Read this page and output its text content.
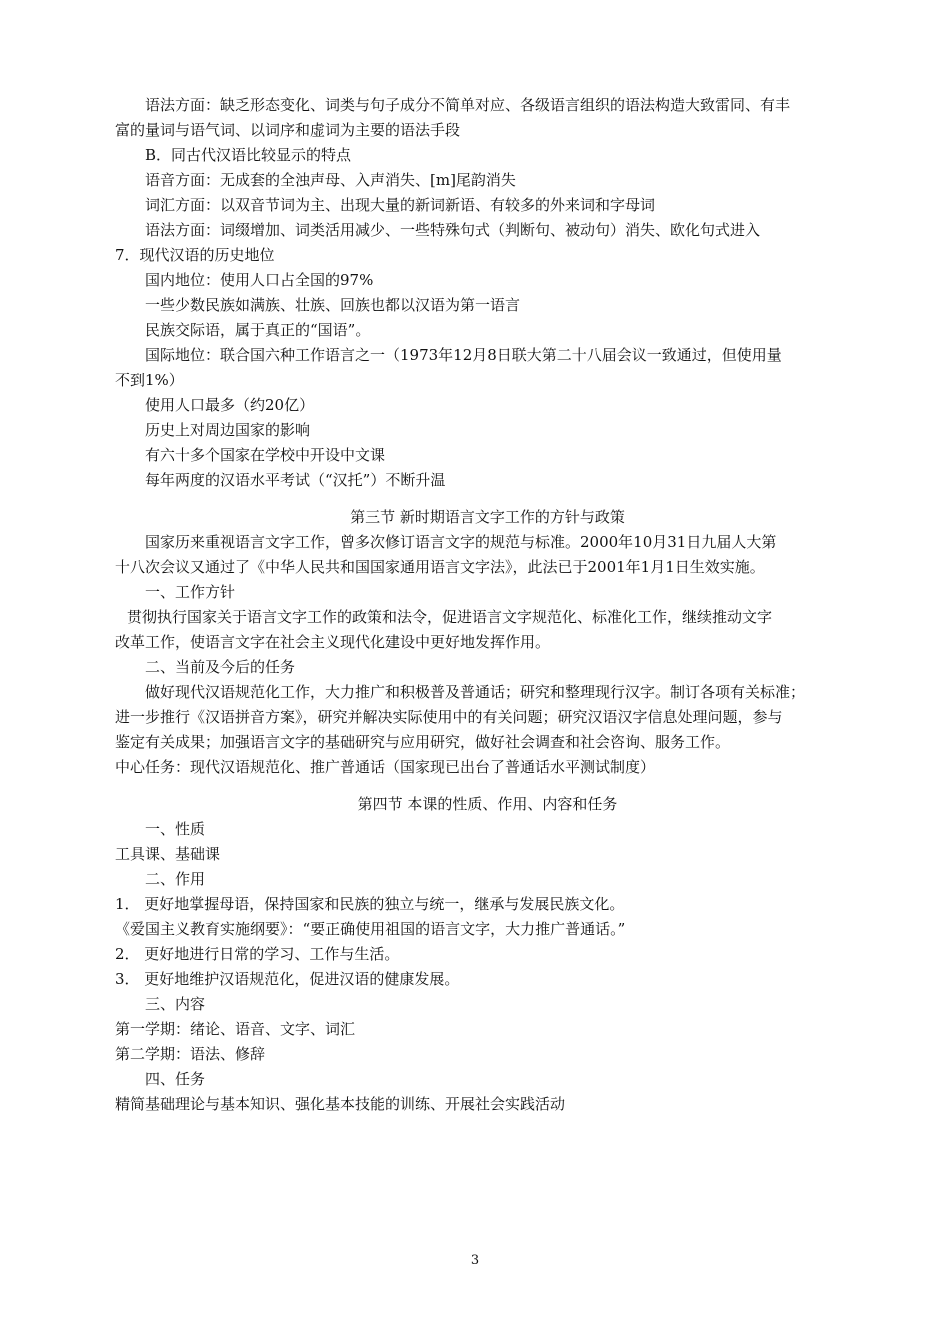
语法方面：缺乏形态变化、词类与句子成分不简单对应、各级语言组织的语法构造大致雷同、有丰
富的量词与语气词、以词序和虚词为主要的语法手段
B．同古代汉语比较显示的特点
语音方面：无成套的全浊声母、入声消失、[m]尾韵消失
词汇方面：以双音节词为主、出现大量的新词新语、有较多的外来词和字母词
语法方面：词缀增加、词类活用减少、一些特殊句式（判断句、被动句）消失、欧化句式进入
7．现代汉语的历史地位
国内地位：使用人口占全国的97%
一些少数民族如满族、壮族、回族也都以汉语为第一语言
民族交际语，属于真正的“国语”。
国际地位：联合国六种工作语言之一（1973年12月8日联大第二十八届会议一致通过，但使用量
不到1%）
使用人口最多（约20亿）
历史上对周边国家的影响
有六十多个国家在学校中开设中文课
每年两度的汉语水平考试（“汉托”）不断升温
第三节 新时期语言文字工作的方针与政策
国家历来重视语言文字工作，曾多次修订语言文字的规范与标准。2000年10月31日九届人大第
十八次会议又通过了《中华人民共和国国家通用语言文字法》，此法已于2001年1月1日生效实施。
一、工作方针
贯彻执行国家关于语言文字工作的政策和法令，促进语言文字规范化、标准化工作，继续推动文字
改革工作，使语言文字在社会主义现代化建设中更好地发挥作用。
二、当前及今后的任务
做好现代汉语规范化工作，大力推广和积极普及普通话；研究和整理现行汉字。制订各项有关标准；
进一步推行《汉语拼音方案》，研究并解决实际使用中的有关问题；研究汉语汉字信息处理问题，参与
鉴定有关成果；加强语言文字的基础研究与应用研究，做好社会调查和社会咨询、服务工作。
中心任务：现代汉语规范化、推广普通话（国家现已出台了普通话水平测试制度）
第四节 本课的性质、作用、内容和任务
一、性质
工具课、基础课
二、作用
1． 更好地掌握母语，保持国家和民族的独立与统一，继承与发展民族文化。
《爱国主义教育实施纲要》：“要正确使用祖国的语言文字，大力推广普通话。”
2． 更好地进行日常的学习、工作与生活。
3． 更好地维护汉语规范化，促进汉语的健康发展。
三、内容
第一学期：绪论、语音、文字、词汇
第二学期：语法、修辞
四、任务
精简基础理论与基本知识、强化基本技能的训练、开展社会实践活动
3
